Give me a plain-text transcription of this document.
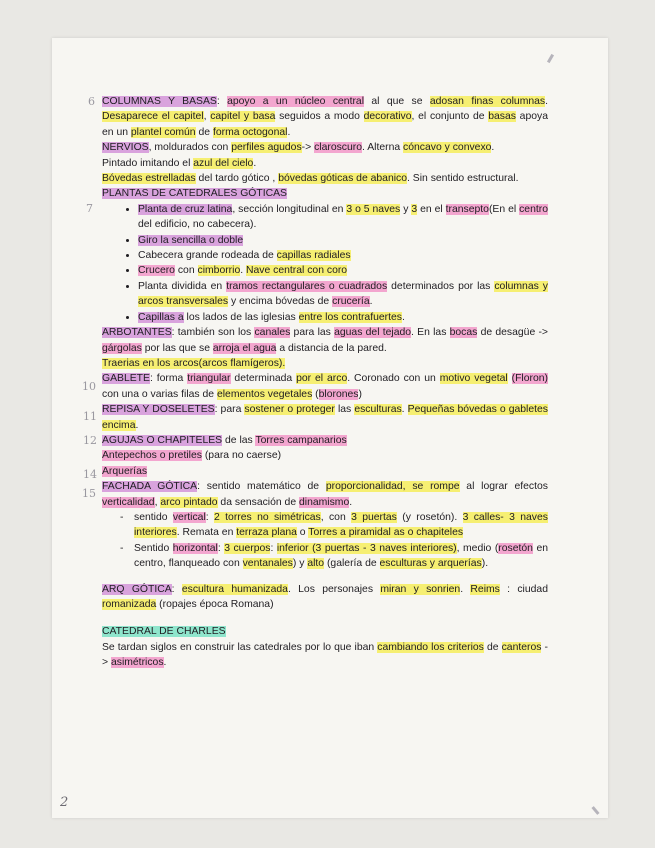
6
7
10
11
12
14
15

COLUMNAS Y BASAS: apoyo a un núcleo central al que se adosan finas columnas. Desaparece el capitel, capitel y basa seguidos a modo decorativo, el conjunto de basas apoya en un plantel común de forma octogonal.

NERVIOS, moldurados con perfiles agudos-> claroscuro. Alterna cóncavo y convexo.

Pintado imitando el azul del cielo.

Bóvedas estrelladas del tardo gótico , bóvedas góticas de abanico. Sin sentido estructural.

PLANTAS DE CATEDRALES GÓTICAS

• Planta de cruz latina, sección longitudinal en 3 o 5 naves y 3 en el transepto(En el centro del edificio, no cabecera).
• Giro la sencilla o doble
• Cabecera grande rodeada de capillas radiales
• Crucero con cimborrio. Nave central con coro
• Planta dividida en tramos rectangulares o cuadrados determinados por las columnas y arcos transversales y encima bóvedas de crucería.
• Capillas a los lados de las iglesias entre los contrafuertes.

ARBOTANTES: también son los canales para las aguas del tejado. En las bocas de desagüe -> gárgolas por las que se arroja el agua a distancia de la pared.

Traerias en los arcos(arcos flamígeros).

GABLETE: forma triangular determinada por el arco. Coronado con un motivo vegetal (Floron) con una o varias filas de elementos vegetales (blorones)

REPISA Y DOSELETES: para sostener o proteger las esculturas. Pequeñas bóvedas o gabletes encima.

AGUJAS O CHAPITELES de las Torres campanarios

Antepechos o pretiles (para no caerse)

Arquerías

FACHADA GÓTICA: sentido matemático de proporcionalidad, se rompe al lograr efectos verticalidad, arco pintado da sensación de dinamismo.

- sentido vertical: 2 torres no simétricas, con 3 puertas (y rosetón). 3 calles- 3 naves interiores. Remata en terraza plana o Torres a piramidal as o chapiteles
- Sentido horizontal: 3 cuerpos: inferior (3 puertas - 3 naves interiores), medio (rosetón en centro, flanqueado con ventanales) y alto (galería de esculturas y arquerías).

ARQ GÓTICA: escultura humanizada. Los personajes miran y sonrien. Reims : ciudad romanizada (ropajes época Romana)

CATEDRAL DE CHARLES

Se tardan siglos en construir las catedrales por lo que iban cambiando los criterios de canteros -> asimétricos.

2
